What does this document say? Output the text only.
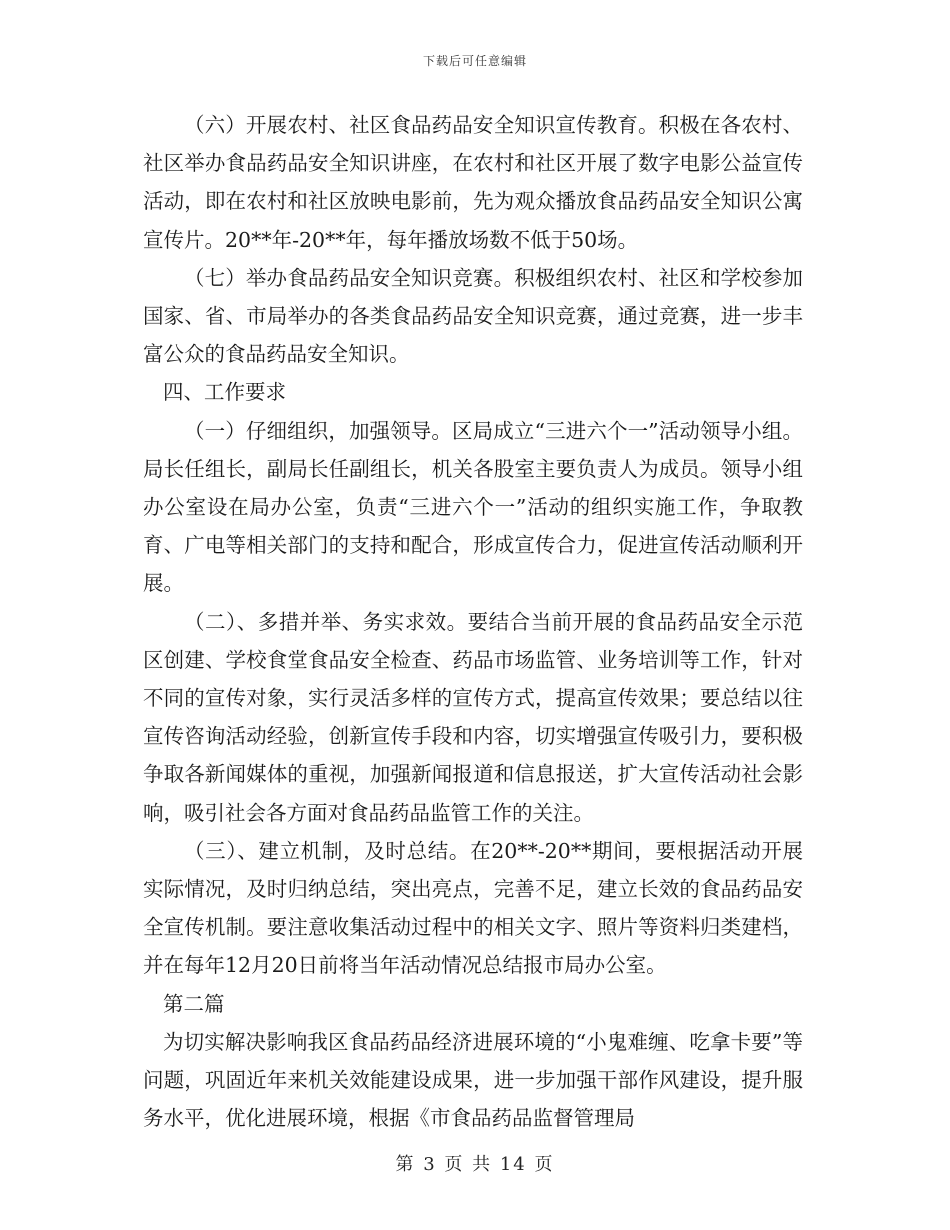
下载后可任意编辑

（六）开展农村、社区食品药品安全知识宣传教育。积极在各农村、社区举办食品药品安全知识讲座，在农村和社区开展了数字电影公益宣传活动，即在农村和社区放映电影前，先为观众播放食品药品安全知识公寓宣传片。20**年-20**年，每年播放场数不低于50场。

（七）举办食品药品安全知识竞赛。积极组织农村、社区和学校参加国家、省、市局举办的各类食品药品安全知识竞赛，通过竞赛，进一步丰富公众的食品药品安全知识。

四、工作要求

（一）仔细组织，加强领导。区局成立“三进六个一”活动领导小组。局长任组长，副局长任副组长，机关各股室主要负责人为成员。领导小组办公室设在局办公室，负责“三进六个一”活动的组织实施工作，争取教育、广电等相关部门的支持和配合，形成宣传合力，促进宣传活动顺利开展。

（二）、多措并举、务实求效。要结合当前开展的食品药品安全示范区创建、学校食堂食品安全检查、药品市场监管、业务培训等工作，针对不同的宣传对象，实行灵活多样的宣传方式，提高宣传效果；要总结以往宣传咨询活动经验，创新宣传手段和内容，切实增强宣传吸引力，要积极争取各新闻媒体的重视，加强新闻报道和信息报送，扩大宣传活动社会影响，吸引社会各方面对食品药品监管工作的关注。

（三）、建立机制，及时总结。在20**-20**期间，要根据活动开展实际情况，及时归纳总结，突出亮点，完善不足，建立长效的食品药品安全宣传机制。要注意收集活动过程中的相关文字、照片等资料归类建档，并在每年12月20日前将当年活动情况总结报市局办公室。

第二篇

为切实解决影响我区食品药品经济进展环境的“小鬼难缠、吃拿卡要”等问题，巩固近年来机关效能建设成果，进一步加强干部作风建设，提升服务水平，优化进展环境，根据《市食品药品监督管理局

第 3 页 共 14 页
